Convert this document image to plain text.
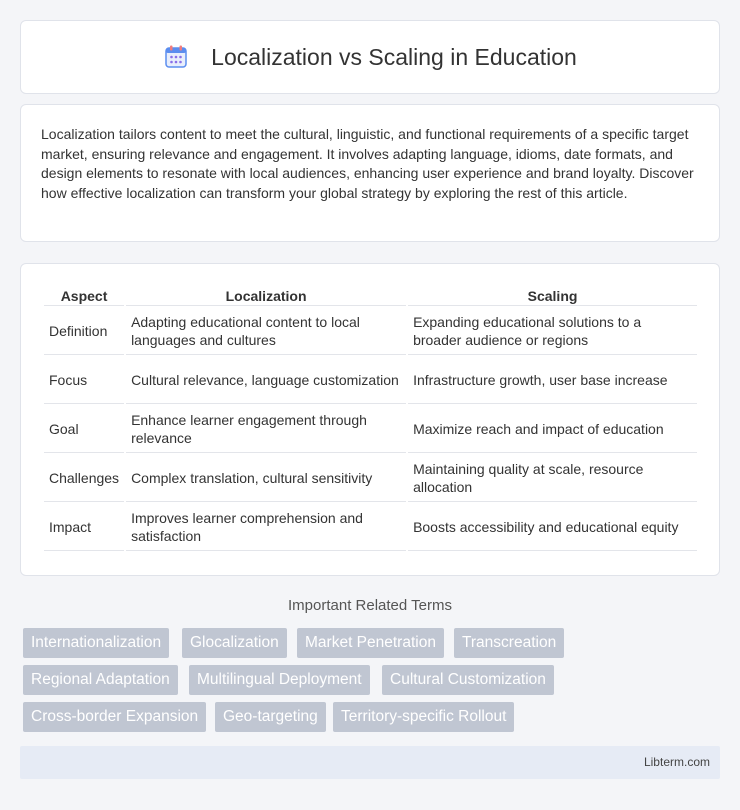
Localization vs Scaling in Education

Localization tailors content to meet the cultural, linguistic, and functional requirements of a specific target market, ensuring relevance and engagement. It involves adapting language, idioms, date formats, and design elements to resonate with local audiences, enhancing user experience and brand loyalty. Discover how effective localization can transform your global strategy by exploring the rest of this article.

Aspect	Localization	Scaling
Definition	Adapting educational content to local languages and cultures	Expanding educational solutions to a broader audience or regions
Focus	Cultural relevance, language customization	Infrastructure growth, user base increase
Goal	Enhance learner engagement through relevance	Maximize reach and impact of education
Challenges	Complex translation, cultural sensitivity	Maintaining quality at scale, resource allocation
Impact	Improves learner comprehension and satisfaction	Boosts accessibility and educational equity
Important Related Terms
Internationalization	Glocalization	Market Penetration	Transcreation
Regional Adaptation	Multilingual Deployment	Cultural Customization
Cross-border Expansion	Geo-targeting	Territory-specific Rollout
Libterm.com
